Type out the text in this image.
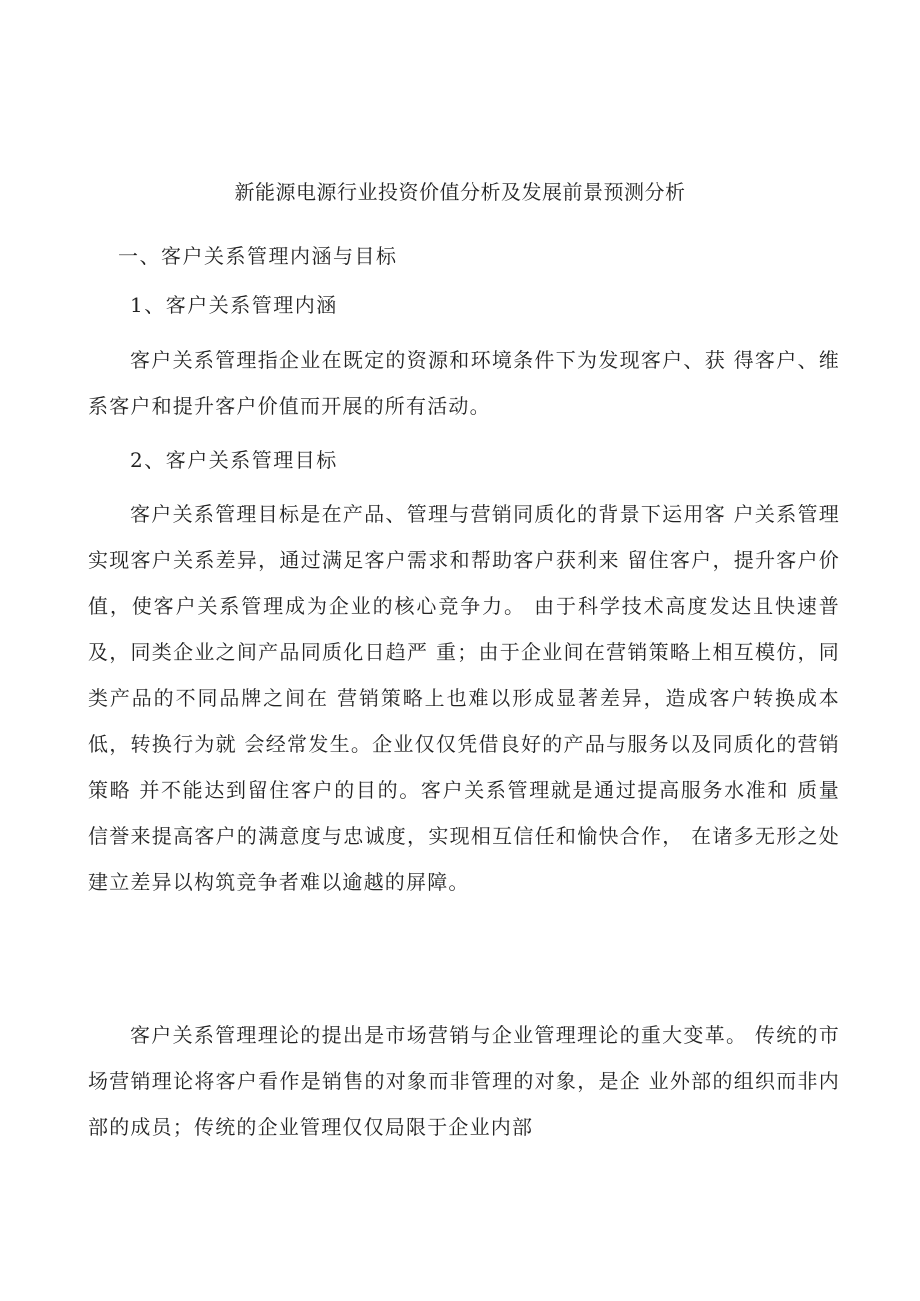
新能源电源行业投资价值分析及发展前景预测分析
一、客户关系管理内涵与目标
1、客户关系管理内涵

客户关系管理指企业在既定的资源和环境条件下为发现客户、获 得客户、维系客户和提升客户价值而开展的所有活动。

2、客户关系管理目标

客户关系管理目标是在产品、管理与营销同质化的背景下运用客 户关系管理实现客户关系差异，通过满足客户需求和帮助客户获利来 留住客户，提升客户价值，使客户关系管理成为企业的核心竞争力。 由于科学技术高度发达且快速普及，同类企业之间产品同质化日趋严 重；由于企业间在营销策略上相互模仿，同类产品的不同品牌之间在 营销策略上也难以形成显著差异，造成客户转换成本低，转换行为就 会经常发生。企业仅仅凭借良好的产品与服务以及同质化的营销策略 并不能达到留住客户的目的。客户关系管理就是通过提高服务水准和 质量信誉来提高客户的满意度与忠诚度，实现相互信任和愉快合作， 在诸多无形之处建立差异以构筑竞争者难以逾越的屏障。

客户关系管理理论的提出是市场营销与企业管理理论的重大变革。 传统的市场营销理论将客户看作是销售的对象而非管理的对象，是企 业外部的组织而非内部的成员；传统的企业管理仅仅局限于企业内部
